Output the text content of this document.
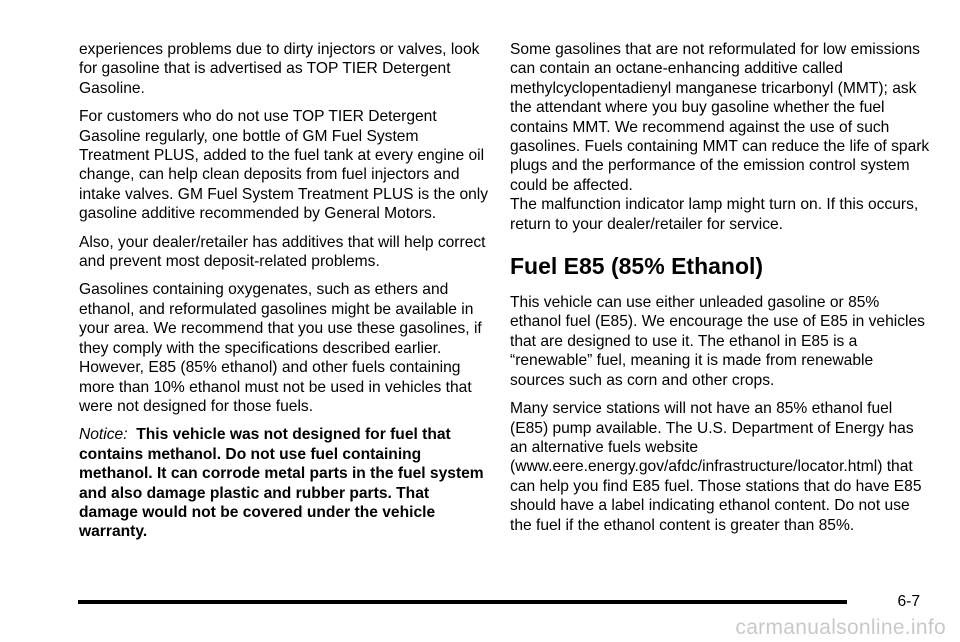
experiences problems due to dirty injectors or valves, look for gasoline that is advertised as TOP TIER Detergent Gasoline.

For customers who do not use TOP TIER Detergent Gasoline regularly, one bottle of GM Fuel System Treatment PLUS, added to the fuel tank at every engine oil change, can help clean deposits from fuel injectors and intake valves. GM Fuel System Treatment PLUS is the only gasoline additive recommended by General Motors.

Also, your dealer/retailer has additives that will help correct and prevent most deposit-related problems.

Gasolines containing oxygenates, such as ethers and ethanol, and reformulated gasolines might be available in your area. We recommend that you use these gasolines, if they comply with the specifications described earlier. However, E85 (85% ethanol) and other fuels containing more than 10% ethanol must not be used in vehicles that were not designed for those fuels.

Notice: This vehicle was not designed for fuel that contains methanol. Do not use fuel containing methanol. It can corrode metal parts in the fuel system and also damage plastic and rubber parts. That damage would not be covered under the vehicle warranty.

Some gasolines that are not reformulated for low emissions can contain an octane-enhancing additive called methylcyclopentadienyl manganese tricarbonyl (MMT); ask the attendant where you buy gasoline whether the fuel contains MMT. We recommend against the use of such gasolines. Fuels containing MMT can reduce the life of spark plugs and the performance of the emission control system could be affected.

The malfunction indicator lamp might turn on. If this occurs, return to your dealer/retailer for service.

Fuel E85 (85% Ethanol)

This vehicle can use either unleaded gasoline or 85% ethanol fuel (E85). We encourage the use of E85 in vehicles that are designed to use it. The ethanol in E85 is a “renewable” fuel, meaning it is made from renewable sources such as corn and other crops.

Many service stations will not have an 85% ethanol fuel (E85) pump available. The U.S. Department of Energy has an alternative fuels website (www.eere.energy.gov/afdc/infrastructure/locator.html) that can help you find E85 fuel. Those stations that do have E85 should have a label indicating ethanol content. Do not use the fuel if the ethanol content is greater than 85%.

6-7
carmanualsonline.info
